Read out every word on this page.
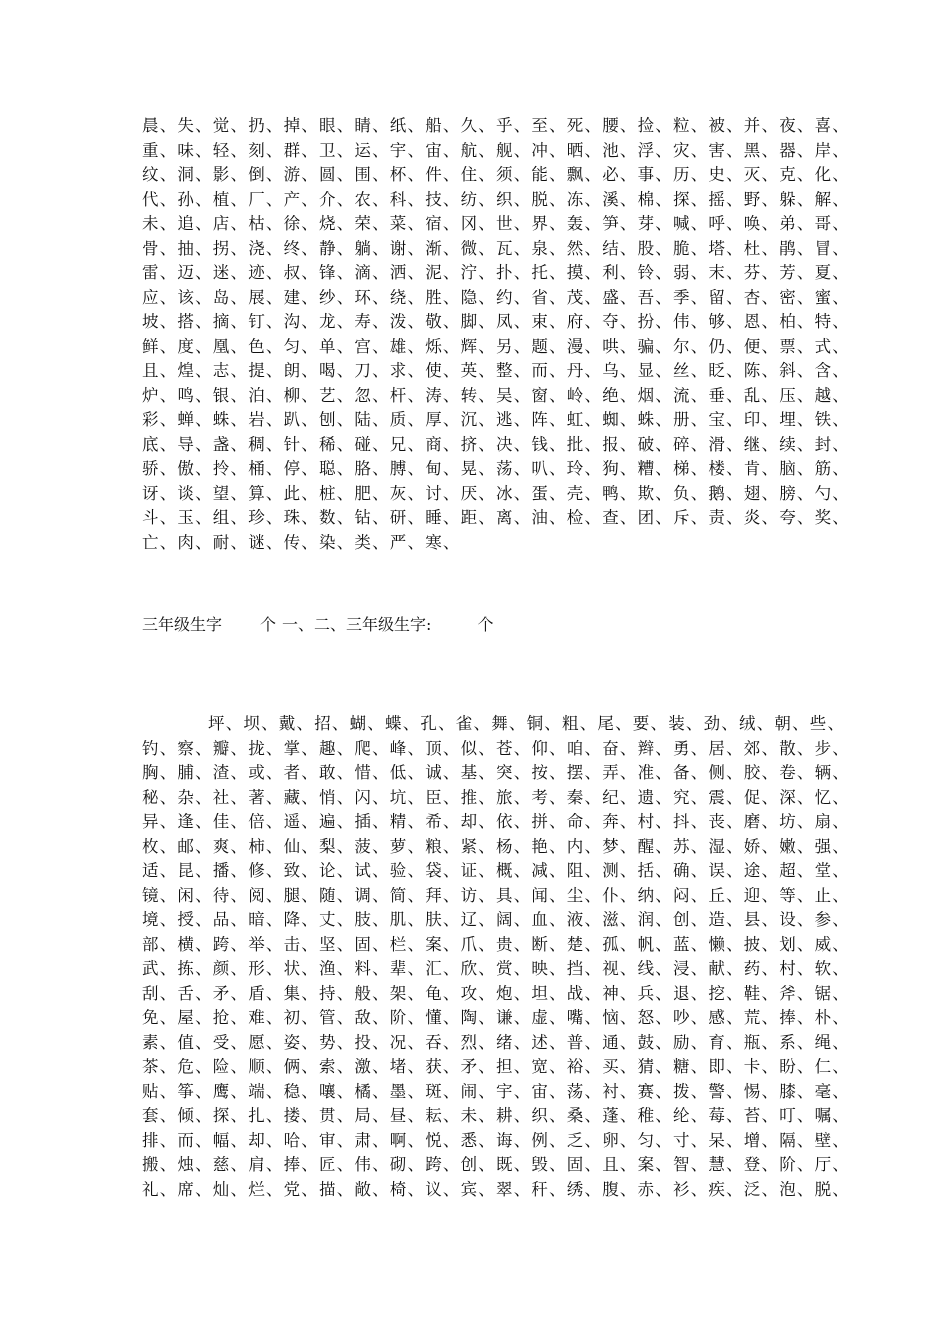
晨、失、觉、扔、掉、眼、睛、纸、船、久、乎、至、死、腰、捡、粒、被、并、夜、喜、
重、味、轻、刻、群、卫、运、宇、宙、航、舰、冲、晒、池、浮、灾、害、黑、器、岸、
纹、洞、影、倒、游、圆、围、杯、件、住、须、能、飘、必、事、历、史、灭、克、化、
代、孙、植、厂、产、介、农、科、技、纺、织、脱、冻、溪、棉、探、摇、野、躲、解、
未、追、店、枯、徐、烧、荣、菜、宿、冈、世、界、轰、笋、芽、喊、呼、唤、弟、哥、
骨、抽、拐、浇、终、静、躺、谢、渐、微、瓦、泉、然、结、股、脆、塔、杜、鹃、冒、
雷、迈、迷、迹、叔、锋、滴、洒、泥、泞、扑、托、摸、利、铃、弱、末、芬、芳、夏、
应、该、岛、展、建、纱、环、绕、胜、隐、约、省、茂、盛、吾、季、留、杏、密、蜜、
坡、搭、摘、钉、沟、龙、寿、泼、敬、脚、凤、束、府、夺、扮、伟、够、恩、柏、特、
鲜、度、凰、色、匀、单、宫、雄、烁、辉、另、题、漫、哄、骗、尔、仍、便、票、式、
且、煌、志、提、朗、喝、刀、求、使、英、整、而、丹、乌、显、丝、眨、陈、斜、含、
炉、鸣、银、泊、柳、艺、忽、杆、涛、转、吴、窗、岭、绝、烟、流、垂、乱、压、越、
彩、蝉、蛛、岩、趴、刨、陆、质、厚、沉、逃、阵、虹、蜘、蛛、册、宝、印、埋、铁、
底、导、盏、稠、针、稀、碰、兄、商、挤、决、钱、批、报、破、碎、滑、继、续、封、
骄、傲、拎、桶、停、聪、胳、膊、甸、晃、荡、叭、玲、狗、糟、梯、楼、肯、脑、筋、
讶、谈、望、算、此、桩、肥、灰、讨、厌、冰、蛋、壳、鸭、欺、负、鹅、翅、膀、勺、
斗、玉、组、珍、珠、数、钻、研、睡、距、离、油、检、查、团、斥、责、炎、夸、奖、
亡、肉、耐、谜、传、染、类、严、寒、
三年级生字 个 一、二、三年级生字:	个
坪、坝、戴、招、蝴、蝶、孔、雀、舞、铜、粗、尾、要、装、劲、绒、朝、些、
钓、察、瓣、拢、掌、趣、爬、峰、顶、似、苍、仰、咱、奋、辫、勇、居、郊、散、步、
胸、脯、渣、或、者、敢、惜、低、诚、基、突、按、摆、弄、准、备、侧、胶、卷、辆、
秘、杂、社、著、藏、悄、闪、坑、臣、推、旅、考、秦、纪、遗、究、震、促、深、忆、
异、逢、佳、倍、遥、遍、插、精、希、却、依、拼、命、奔、村、抖、丧、磨、坊、扇、
枚、邮、爽、柿、仙、梨、菠、萝、粮、紧、杨、艳、内、梦、醒、苏、湿、娇、嫩、强、
适、昆、播、修、致、论、试、验、袋、证、概、减、阻、测、括、确、误、途、超、堂、
镜、闲、待、阅、腿、随、调、简、拜、访、具、闻、尘、仆、纳、闷、丘、迎、等、止、
境、授、品、暗、降、丈、肢、肌、肤、辽、阔、血、液、滋、润、创、造、县、设、参、
部、横、跨、举、击、坚、固、栏、案、爪、贵、断、楚、孤、帆、蓝、懒、披、划、威、
武、拣、颜、形、状、渔、料、辈、汇、欣、赏、映、挡、视、线、浸、献、药、村、软、
刮、舌、矛、盾、集、持、般、架、龟、攻、炮、坦、战、神、兵、退、挖、鞋、斧、锯、
免、屋、抢、难、初、管、敌、阶、懂、陶、谦、虚、嘴、恼、怒、吵、感、荒、捧、朴、
素、值、受、愿、姿、势、投、况、吞、烈、绪、述、普、通、鼓、励、育、瓶、系、绳、
茶、危、险、顺、俩、索、激、堵、获、矛、担、宽、裕、买、猜、糖、即、卡、盼、仁、
贴、筝、鹰、端、稳、嚷、橘、墨、斑、闹、宇、宙、荡、衬、赛、拨、警、惕、膝、毫、
套、倾、探、扎、搂、贯、局、昼、耘、未、耕、织、桑、蓬、稚、纶、莓、苔、叮、嘱、
排、而、幅、却、哈、审、肃、啊、悦、悉、诲、例、乏、卵、匀、寸、呆、增、隔、壁、
搬、烛、慈、肩、捧、匠、伟、砌、跨、创、既、毁、固、且、案、智、慧、登、阶、厅、
礼、席、灿、烂、党、描、敞、椅、议、宾、翠、秆、绣、腹、赤、衫、疾、泛、泡、脱、
